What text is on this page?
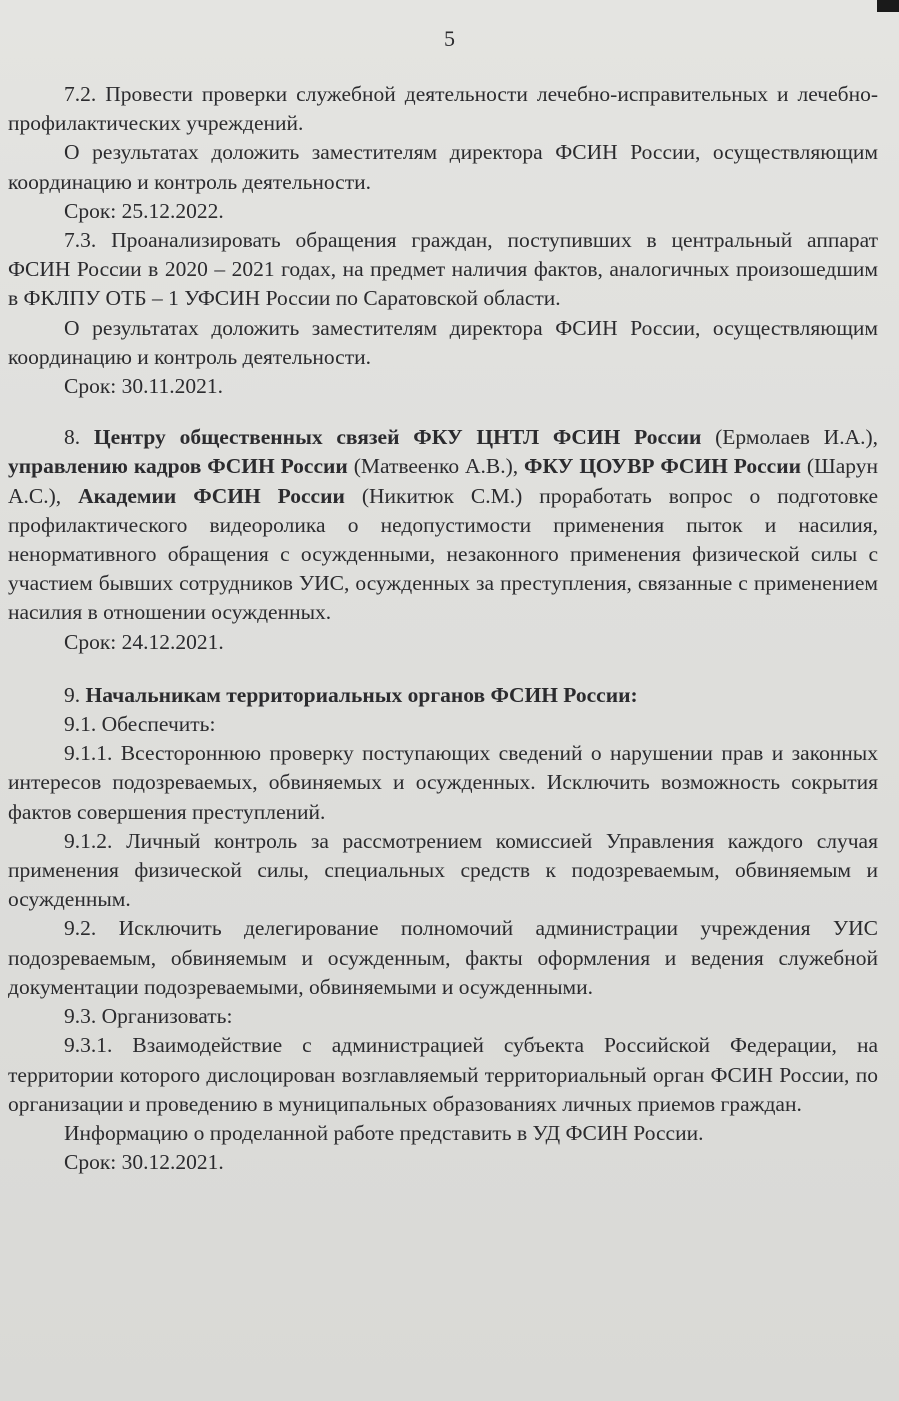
5

7.2. Провести проверки служебной деятельности лечебно-исправительных и лечебно-профилактических учреждений.

О результатах доложить заместителям директора ФСИН России, осуществляющим координацию и контроль деятельности.

Срок: 25.12.2022.

7.3. Проанализировать обращения граждан, поступивших в центральный аппарат ФСИН России в 2020 – 2021 годах, на предмет наличия фактов, аналогичных произошедшим в ФКЛПУ ОТБ – 1 УФСИН России по Саратовской области.

О результатах доложить заместителям директора ФСИН России, осуществляющим координацию и контроль деятельности.

Срок: 30.11.2021.

8. Центру общественных связей ФКУ ЦНТЛ ФСИН России (Ермолаев И.А.), управлению кадров ФСИН России (Матвеенко А.В.), ФКУ ЦОУВР ФСИН России (Шарун А.С.), Академии ФСИН России (Никитюк С.М.) проработать вопрос о подготовке профилактического видеоролика о недопустимости применения пыток и насилия, ненормативного обращения с осужденными, незаконного применения физической силы с участием бывших сотрудников УИС, осужденных за преступления, связанные с применением насилия в отношении осужденных.

Срок: 24.12.2021.

9. Начальникам территориальных органов ФСИН России:

9.1. Обеспечить:

9.1.1. Всестороннюю проверку поступающих сведений о нарушении прав и законных интересов подозреваемых, обвиняемых и осужденных. Исключить возможность сокрытия фактов совершения преступлений.

9.1.2. Личный контроль за рассмотрением комиссией Управления каждого случая применения физической силы, специальных средств к подозреваемым, обвиняемым и осужденным.

9.2. Исключить делегирование полномочий администрации учреждения УИС подозреваемым, обвиняемым и осужденным, факты оформления и ведения служебной документации подозреваемыми, обвиняемыми и осужденными.

9.3. Организовать:

9.3.1. Взаимодействие с администрацией субъекта Российской Федерации, на территории которого дислоцирован возглавляемый территориальный орган ФСИН России, по организации и проведению в муниципальных образованиях личных приемов граждан.

Информацию о проделанной работе представить в УД ФСИН России.

Срок: 30.12.2021.
